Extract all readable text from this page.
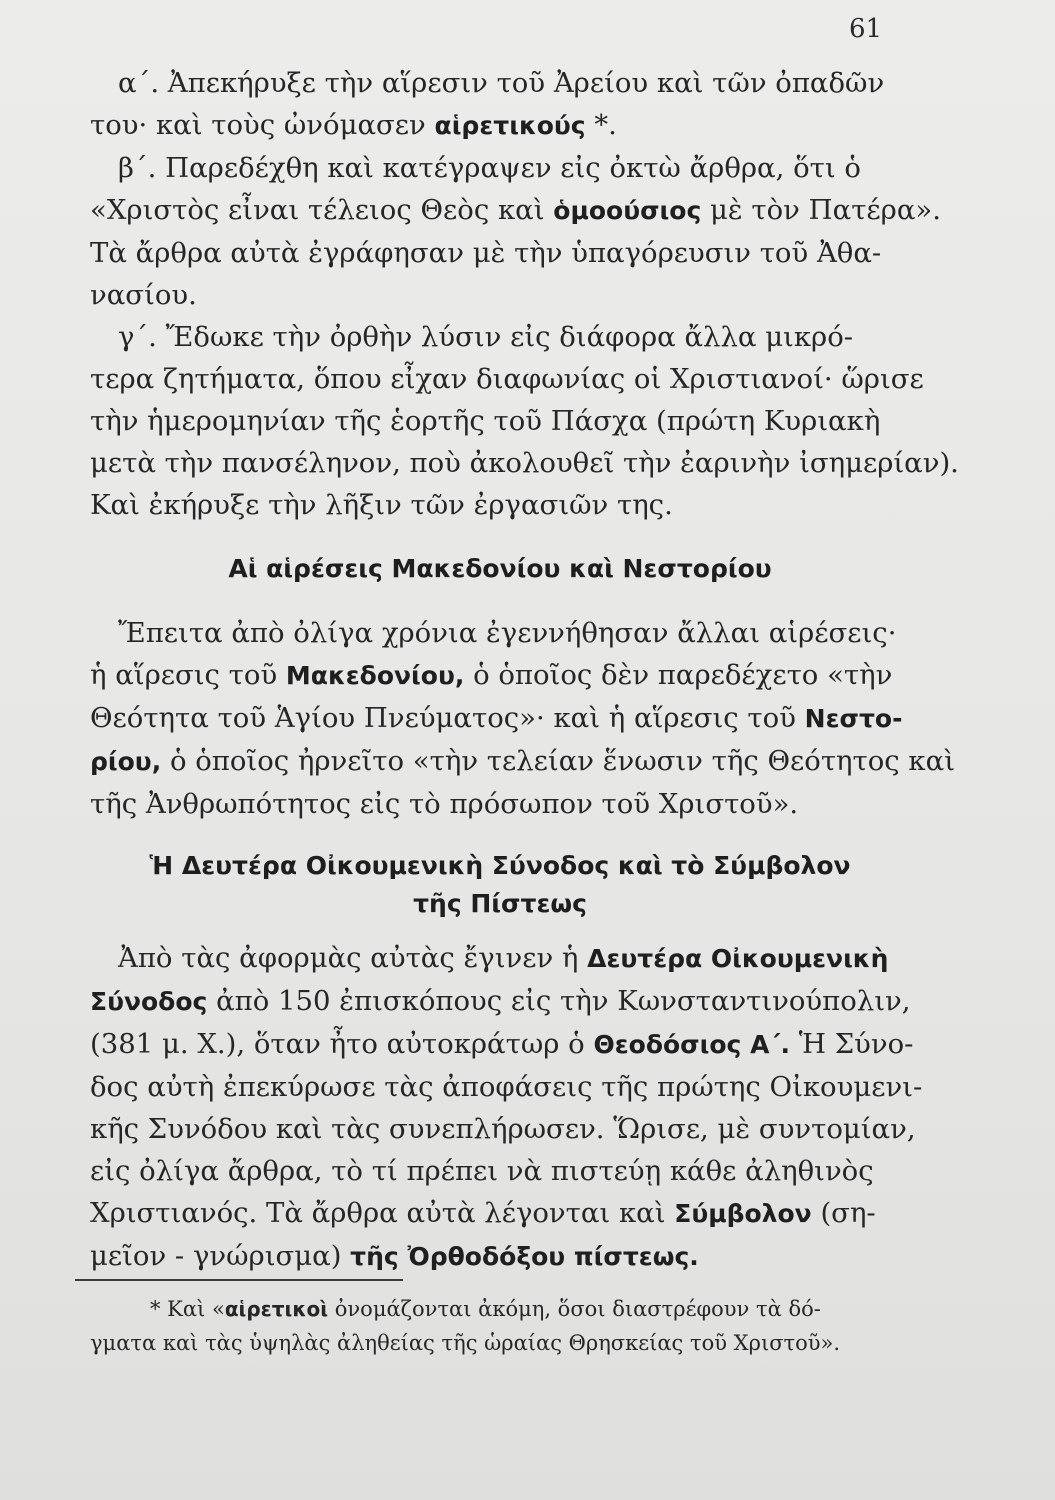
61
α΄. Ἀπεκήρυξε τὴν αἵρεσιν τοῦ Ἀρείου καὶ τῶν ὀπαδῶν
του· καὶ τοὺς ὠνόμασεν αἱρετικούς *.
β΄. Παρεδέχθη καὶ κατέγραψεν εἰς ὀκτὼ ἄρθρα, ὅτι ὁ
«Χριστὸς εἶναι τέλειος Θεὸς καὶ ὁμοούσιος μὲ τὸν Πατέρα».
Τὰ ἄρθρα αὐτὰ ἐγράφησαν μὲ τὴν ὑπαγόρευσιν τοῦ Ἀθα-
νασίου.
γ΄. Ἔδωκε τὴν ὀρθὴν λύσιν εἰς διάφορα ἄλλα μικρό-
τερα ζητήματα, ὅπου εἶχαν διαφωνίας οἱ Χριστιανοί· ὥρισε
τὴν ἡμερομηνίαν τῆς ἑορτῆς τοῦ Πάσχα (πρώτη Κυριακὴ
μετὰ τὴν πανσέληνον, ποὺ ἀκολουθεῖ τὴν ἐαρινὴν ἰσημερίαν).
Καὶ ἐκήρυξε τὴν λῆξιν τῶν ἐργασιῶν της.
Αἱ αἱρέσεις Μακεδονίου καὶ Νεστορίου
Ἔπειτα ἀπὸ ὀλίγα χρόνια ἐγεννήθησαν ἄλλαι αἱρέσεις·
ἡ αἵρεσις τοῦ Μακεδονίου, ὁ ὁποῖος δὲν παρεδέχετο «τὴν
Θεότητα τοῦ Ἁγίου Πνεύματος»· καὶ ἡ αἵρεσις τοῦ Νεστο-
ρίου, ὁ ὁποῖος ἠρνεῖτο «τὴν τελείαν ἕνωσιν τῆς Θεότητος καὶ
τῆς Ἀνθρωπότητος εἰς τὸ πρόσωπον τοῦ Χριστοῦ».
Ἡ Δευτέρα Οἰκουμενικὴ Σύνοδος καὶ τὸ Σύμβολον
τῆς Πίστεως
Ἀπὸ τὰς ἀφορμὰς αὐτὰς ἔγινεν ἡ Δευτέρα Οἰκουμενικὴ
Σύνοδος ἀπὸ 150 ἐπισκόπους εἰς τὴν Κωνσταντινούπολιν,
(381 μ. Χ.), ὅταν ἦτο αὐτοκράτωρ ὁ Θεοδόσιος Α΄. Ἡ Σύνο-
δος αὐτὴ ἐπεκύρωσε τὰς ἀποφάσεις τῆς πρώτης Οἰκουμενι-
κῆς Συνόδου καὶ τὰς συνεπλήρωσεν. Ὥρισε, μὲ συντομίαν,
εἰς ὀλίγα ἄρθρα, τὸ τί πρέπει νὰ πιστεύῃ κάθε ἀληθινὸς
Χριστιανός. Τὰ ἄρθρα αὐτὰ λέγονται καὶ Σύμβολον (ση-
μεῖον - γνώρισμα) τῆς Ὀρθοδόξου πίστεως.
* Καὶ «αἱρετικοὶ ὀνομάζονται ἀκόμη, ὅσοι διαστρέφουν τὰ δό-
γματα καὶ τὰς ὑψηλὰς ἀληθείας τῆς ὡραίας Θρησκείας τοῦ Χριστοῦ».
